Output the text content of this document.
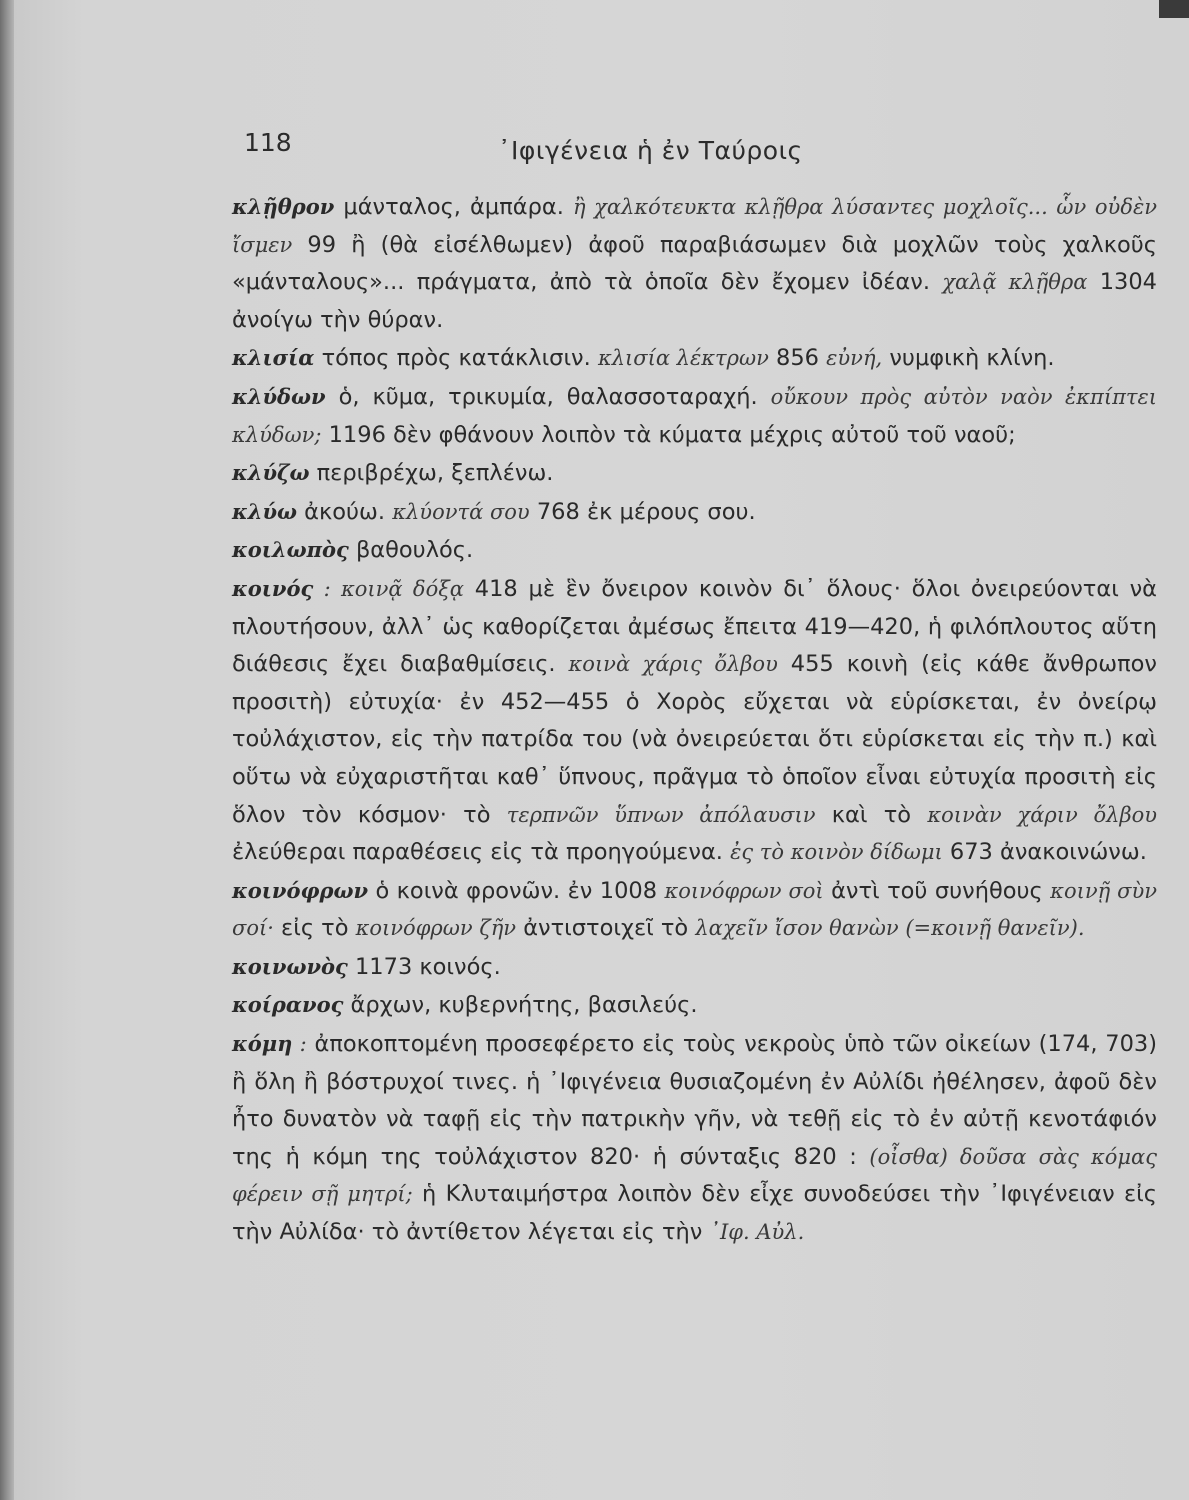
118	᾿Ιφιγένεια ἡ ἐν Ταύροις

κλῇθρον μάνταλος, ἀμπάρα. ἢ χαλκότευκτα κλῇθρα λύσαντες μοχλοῖς... ὧν οὐδὲν ἴσμεν 99 ἢ (θὰ εἰσέλθωμεν) ἀφοῦ παραβιάσωμεν διὰ μοχλῶν τοὺς χαλκοῦς «μάνταλους»... πράγματα, ἀπὸ τὰ ὁποῖα δὲν ἔχομεν ἰδέαν. χαλᾷ κλῇθρα 1304 ἀνοίγω τὴν θύραν.

κλισία τόπος πρὸς κατάκλισιν. κλισία λέκτρων 856 εὐνή, νυμφικὴ κλίνη.

κλύδων ὁ, κῦμα, τρικυμία, θαλασσοταραχή. οὔκουν πρὸς αὐτὸν ναὸν ἐκπίπτει κλύδων; 1196 δὲν φθάνουν λοιπὸν τὰ κύματα μέχρις αὐτοῦ τοῦ ναοῦ;

κλύζω περιβρέχω, ξεπλένω.

κλύω ἀκούω. κλύοντά σου 768 ἐκ μέρους σου.

κοιλωπὸς βαθουλός.

κοινός : κοινᾷ δόξᾳ 418 μὲ ἓν ὄνειρον κοινὸν δι᾿ ὅλους· ὅλοι ὀνειρεύονται νὰ πλουτήσουν, ἀλλ᾿ ὡς καθορίζεται ἀμέσως ἔπειτα 419—420, ἡ φιλόπλουτος αὕτη διάθεσις ἔχει διαβαθμίσεις. κοινὰ χάρις ὄλβου 455 κοινὴ (εἰς κάθε ἄνθρωπον προσιτὴ) εὐτυχία· ἐν 452—455 ὁ Χορὸς εὔχεται νὰ εὑρίσκεται, ἐν ὀνείρῳ τοὐλάχιστον, εἰς τὴν πατρίδα του (νὰ ὀνειρεύεται ὅτι εὑρίσκεται εἰς τὴν π.) καὶ οὕτω νὰ εὐχαριστῆται καθ᾿ ὕπνους, πρᾶγμα τὸ ὁποῖον εἶναι εὐτυχία προσιτὴ εἰς ὅλον τὸν κόσμον· τὸ τερπνῶν ὕπνων ἀπόλαυσιν καὶ τὸ κοινὰν χάριν ὄλβου ἐλεύθεραι παραθέσεις εἰς τὰ προηγούμενα. ἐς τὸ κοινὸν δίδωμι 673 ἀνακοινώνω.

κοινόφρων ὁ κοινὰ φρονῶν. ἐν 1008 κοινόφρων σοὶ ἀντὶ τοῦ συνήθους κοινῇ σὺν σοί· εἰς τὸ κοινόφρων ζῆν ἀντιστοιχεῖ τὸ λαχεῖν ἴσον θανὼν (=κοινῇ θανεῖν).

κοινωνὸς 1173 κοινός.

κοίρανος ἄρχων, κυβερνήτης, βασιλεύς.

κόμη : ἀποκοπτομένη προσεφέρετο εἰς τοὺς νεκροὺς ὑπὸ τῶν οἰκείων (174, 703) ἢ ὅλη ἢ βόστρυχοί τινες. ἡ ᾿Ιφιγένεια θυσιαζομένη ἐν Αὐλίδι ἠθέλησεν, ἀφοῦ δὲν ἦτο δυνατὸν νὰ ταφῇ εἰς τὴν πατρικὴν γῆν, νὰ τεθῇ εἰς τὸ ἐν αὐτῇ κενοτάφιόν της ἡ κόμη της τοὐλάχιστον 820· ἡ σύνταξις 820 : (οἶσθα) δοῦσα σὰς κόμας φέρειν σῇ μητρί; ἡ Κλυταιμήστρα λοιπὸν δὲν εἶχε συνοδεύσει τὴν ᾿Ιφιγένειαν εἰς τὴν Αὐλίδα· τὸ ἀντίθετον λέγεται εἰς τὴν ᾿Ιφ. Αὐλ.
